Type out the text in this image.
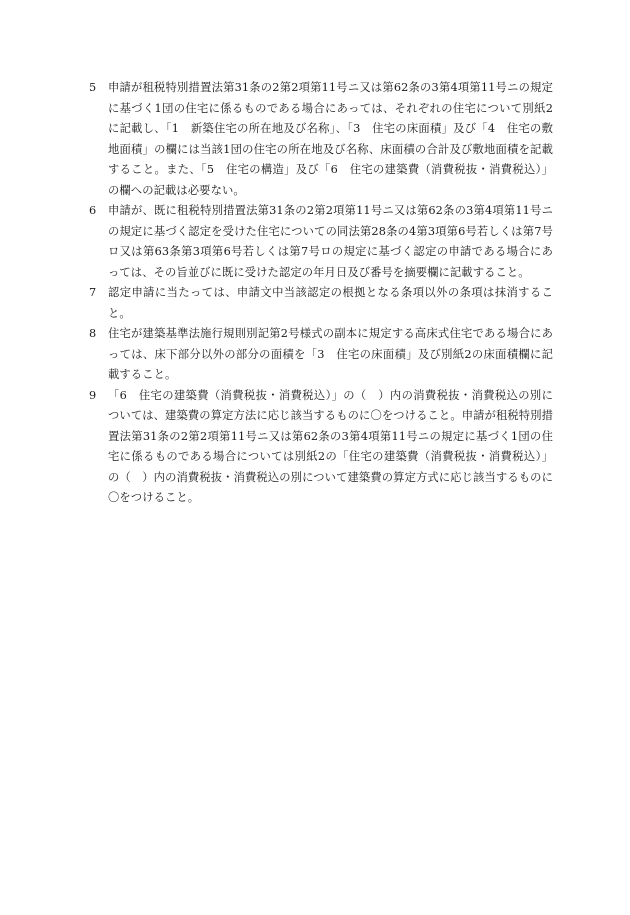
5	申請が租税特別措置法第31条の2第2項第11号ニ又は第62条の3第4項第11号ニの規定に基づく1団の住宅に係るものである場合にあっては、それぞれの住宅について別紙2に記載し、「1　新築住宅の所在地及び名称」、「3　住宅の床面積」及び「4　住宅の敷地面積」の欄には当該1団の住宅の所在地及び名称、床面積の合計及び敷地面積を記載すること。また、「5　住宅の構造」及び「6　住宅の建築費（消費税抜・消費税込）」の欄への記載は必要ない。
6	申請が、既に租税特別措置法第31条の2第2項第11号ニ又は第62条の3第4項第11号ニの規定に基づく認定を受けた住宅についての同法第28条の4第3項第6号若しくは第7号ロ又は第63条第3項第6号若しくは第7号ロの規定に基づく認定の申請である場合にあっては、その旨並びに既に受けた認定の年月日及び番号を摘要欄に記載すること。
7	認定申請に当たっては、申請文中当該認定の根拠となる条項以外の条項は抹消すること。
8	住宅が建築基準法施行規則別記第2号様式の副本に規定する高床式住宅である場合にあっては、床下部分以外の部分の面積を「3　住宅の床面積」及び別紙2の床面積欄に記載すること。
9	「6　住宅の建築費（消費税抜・消費税込）」の（　）内の消費税抜・消費税込の別については、建築費の算定方法に応じ該当するものに〇をつけること。申請が租税特別措置法第31条の2第2項第11号ニ又は第62条の3第4項第11号ニの規定に基づく1団の住宅に係るものである場合については別紙2の「住宅の建築費（消費税抜・消費税込）」の（　）内の消費税抜・消費税込の別について建築費の算定方式に応じ該当するものに〇をつけること。
